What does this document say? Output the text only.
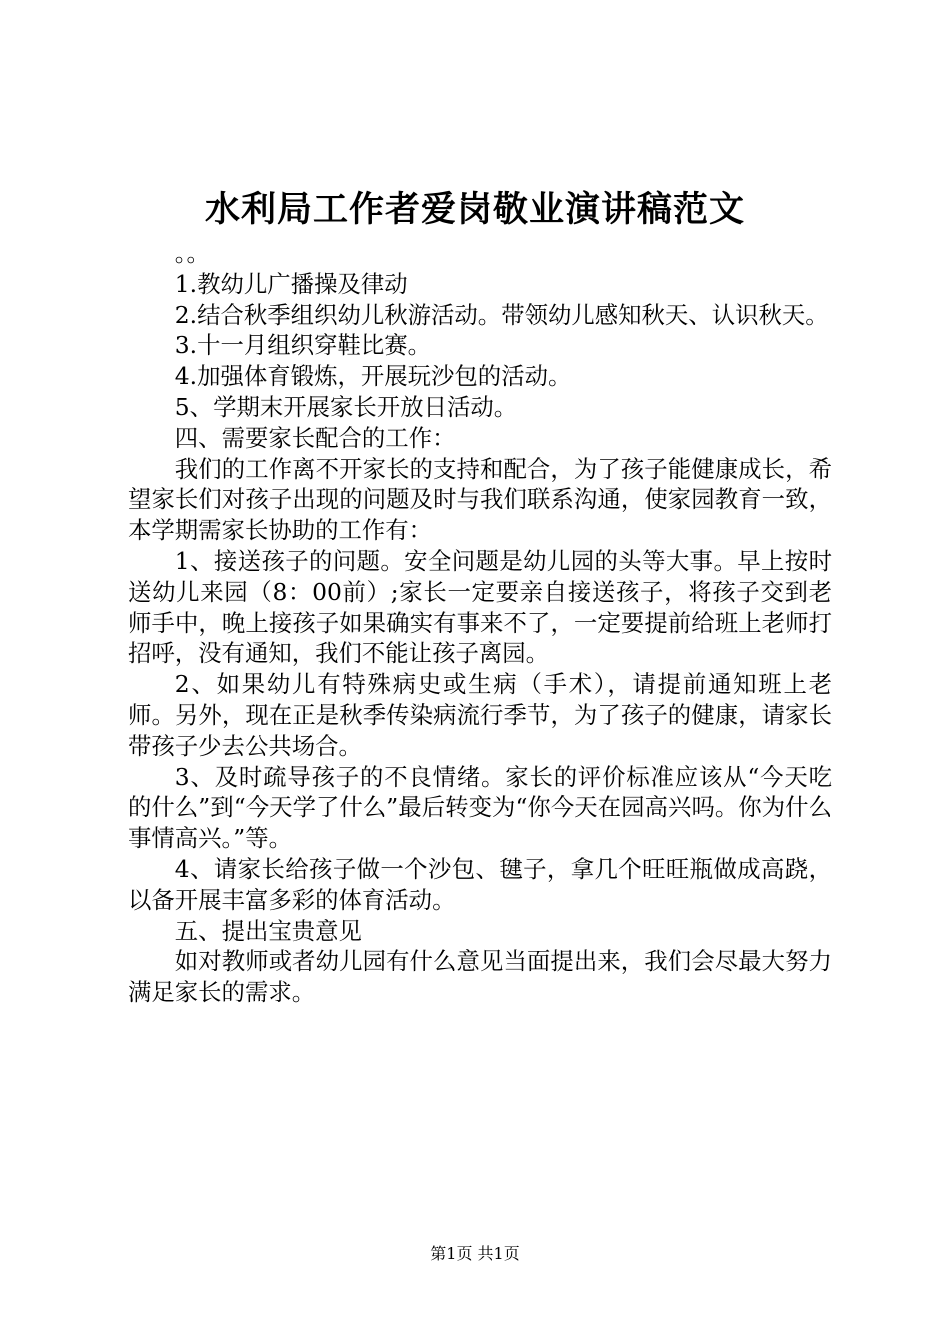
水利局工作者爱岗敬业演讲稿范文

。。

1.教幼儿广播操及律动

2.结合秋季组织幼儿秋游活动。带领幼儿感知秋天、认识秋天。

3.十一月组织穿鞋比赛。

4.加强体育锻炼，开展玩沙包的活动。

5、学期末开展家长开放日活动。

四、需要家长配合的工作：

我们的工作离不开家长的支持和配合，为了孩子能健康成长，希望家长们对孩子出现的问题及时与我们联系沟通，使家园教育一致，本学期需家长协助的工作有：

1、接送孩子的问题。安全问题是幼儿园的头等大事。早上按时送幼儿来园（8：00前）;家长一定要亲自接送孩子，将孩子交到老师手中，晚上接孩子如果确实有事来不了，一定要提前给班上老师打招呼，没有通知，我们不能让孩子离园。

2、如果幼儿有特殊病史或生病（手术），请提前通知班上老师。另外，现在正是秋季传染病流行季节，为了孩子的健康，请家长带孩子少去公共场合。

3、及时疏导孩子的不良情绪。家长的评价标准应该从“今天吃的什么”到“今天学了什么”最后转变为“你今天在园高兴吗。你为什么事情高兴。”等。

4、请家长给孩子做一个沙包、毽子，拿几个旺旺瓶做成高跷，以备开展丰富多彩的体育活动。

五、提出宝贵意见

如对教师或者幼儿园有什么意见当面提出来，我们会尽最大努力满足家长的需求。

第1页 共1页
